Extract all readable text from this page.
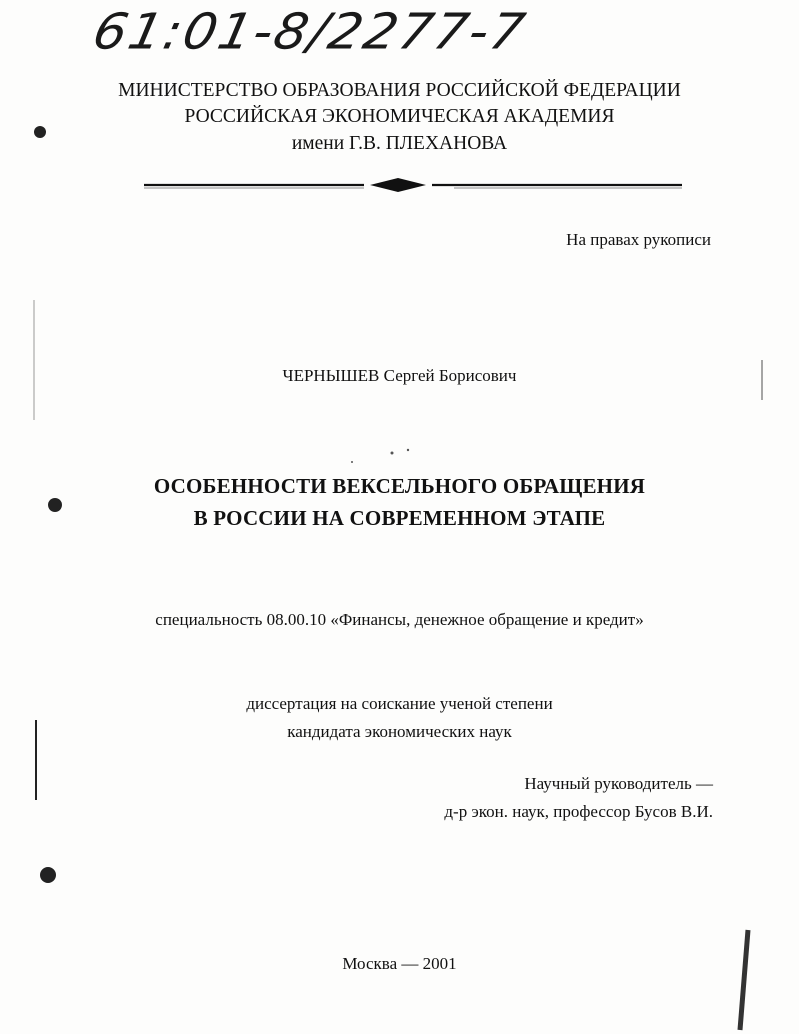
61:01-8/2277-7
МИНИСТЕРСТВО ОБРАЗОВАНИЯ РОССИЙСКОЙ ФЕДЕРАЦИИ
РОССИЙСКАЯ ЭКОНОМИЧЕСКАЯ АКАДЕМИЯ
имени Г.В. ПЛЕХАНОВА
На правах рукописи
ЧЕРНЫШЕВ Сергей Борисович
ОСОБЕННОСТИ ВЕКСЕЛЬНОГО ОБРАЩЕНИЯ
В РОССИИ НА СОВРЕМЕННОМ ЭТАПЕ
специальность 08.00.10 «Финансы, денежное обращение и кредит»
диссертация на соискание ученой степени
кандидата экономических наук
Научный руководитель —
д-р экон. наук, профессор Бусов В.И.
Москва — 2001
